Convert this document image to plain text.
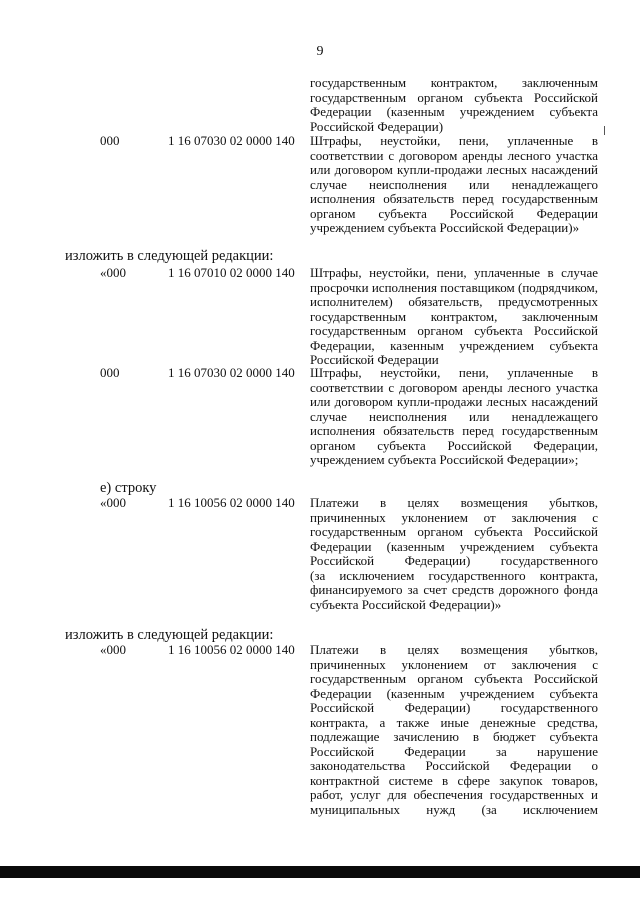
9
государственным контрактом, заключенным
государственным органом субъекта Российской
Федерации (казенным учреждением субъекта
Российской Федерации)
000	1 16 07030 02 0000 140	Штрафы, неустойки, пени, уплаченные в
соответствии с договором аренды лесного участка
или договором купли-продажи лесных насаждений
случае неисполнения или ненадлежащего
исполнения обязательств перед государственным
органом субъекта Российской Федерации
учреждением субъекта Российской Федерации)»
изложить в следующей редакции:
«000	1 16 07010 02 0000 140	Штрафы, неустойки, пени, уплаченные в случае
просрочки исполнения поставщиком (подрядчиком,
исполнителем) обязательств, предусмотренных
государственным контрактом, заключенным
государственным органом субъекта Российской
Федерации, казенным учреждением субъекта
Российской Федерации
000	1 16 07030 02 0000 140	Штрафы, неустойки, пени, уплаченные в
соответствии с договором аренды лесного участка
или договором купли-продажи лесных насаждений
случае неисполнения или ненадлежащего
исполнения обязательств перед государственным
органом субъекта Российской Федерации,
учреждением субъекта Российской Федерации»;
е) строку
«000	1 16 10056 02 0000 140	Платежи в целях возмещения убытков,
причиненных уклонением от заключения с
государственным органом субъекта Российской
Федерации (казенным учреждением субъекта
Российской Федерации) государственного
(за исключением государственного контракта,
финансируемого за счет средств дорожного фонда
субъекта Российской Федерации)»
изложить в следующей редакции:
«000	1 16 10056 02 0000 140	Платежи в целях возмещения убытков,
причиненных уклонением от заключения с
государственным органом субъекта Российской
Федерации (казенным учреждением субъекта
Российской Федерации) государственного
контракта, а также иные денежные средства,
подлежащие зачислению в бюджет субъекта
Российской Федерации за нарушение
законодательства Российской Федерации о
контрактной системе в сфере закупок товаров,
работ, услуг для обеспечения государственных и
муниципальных нужд (за исключением
